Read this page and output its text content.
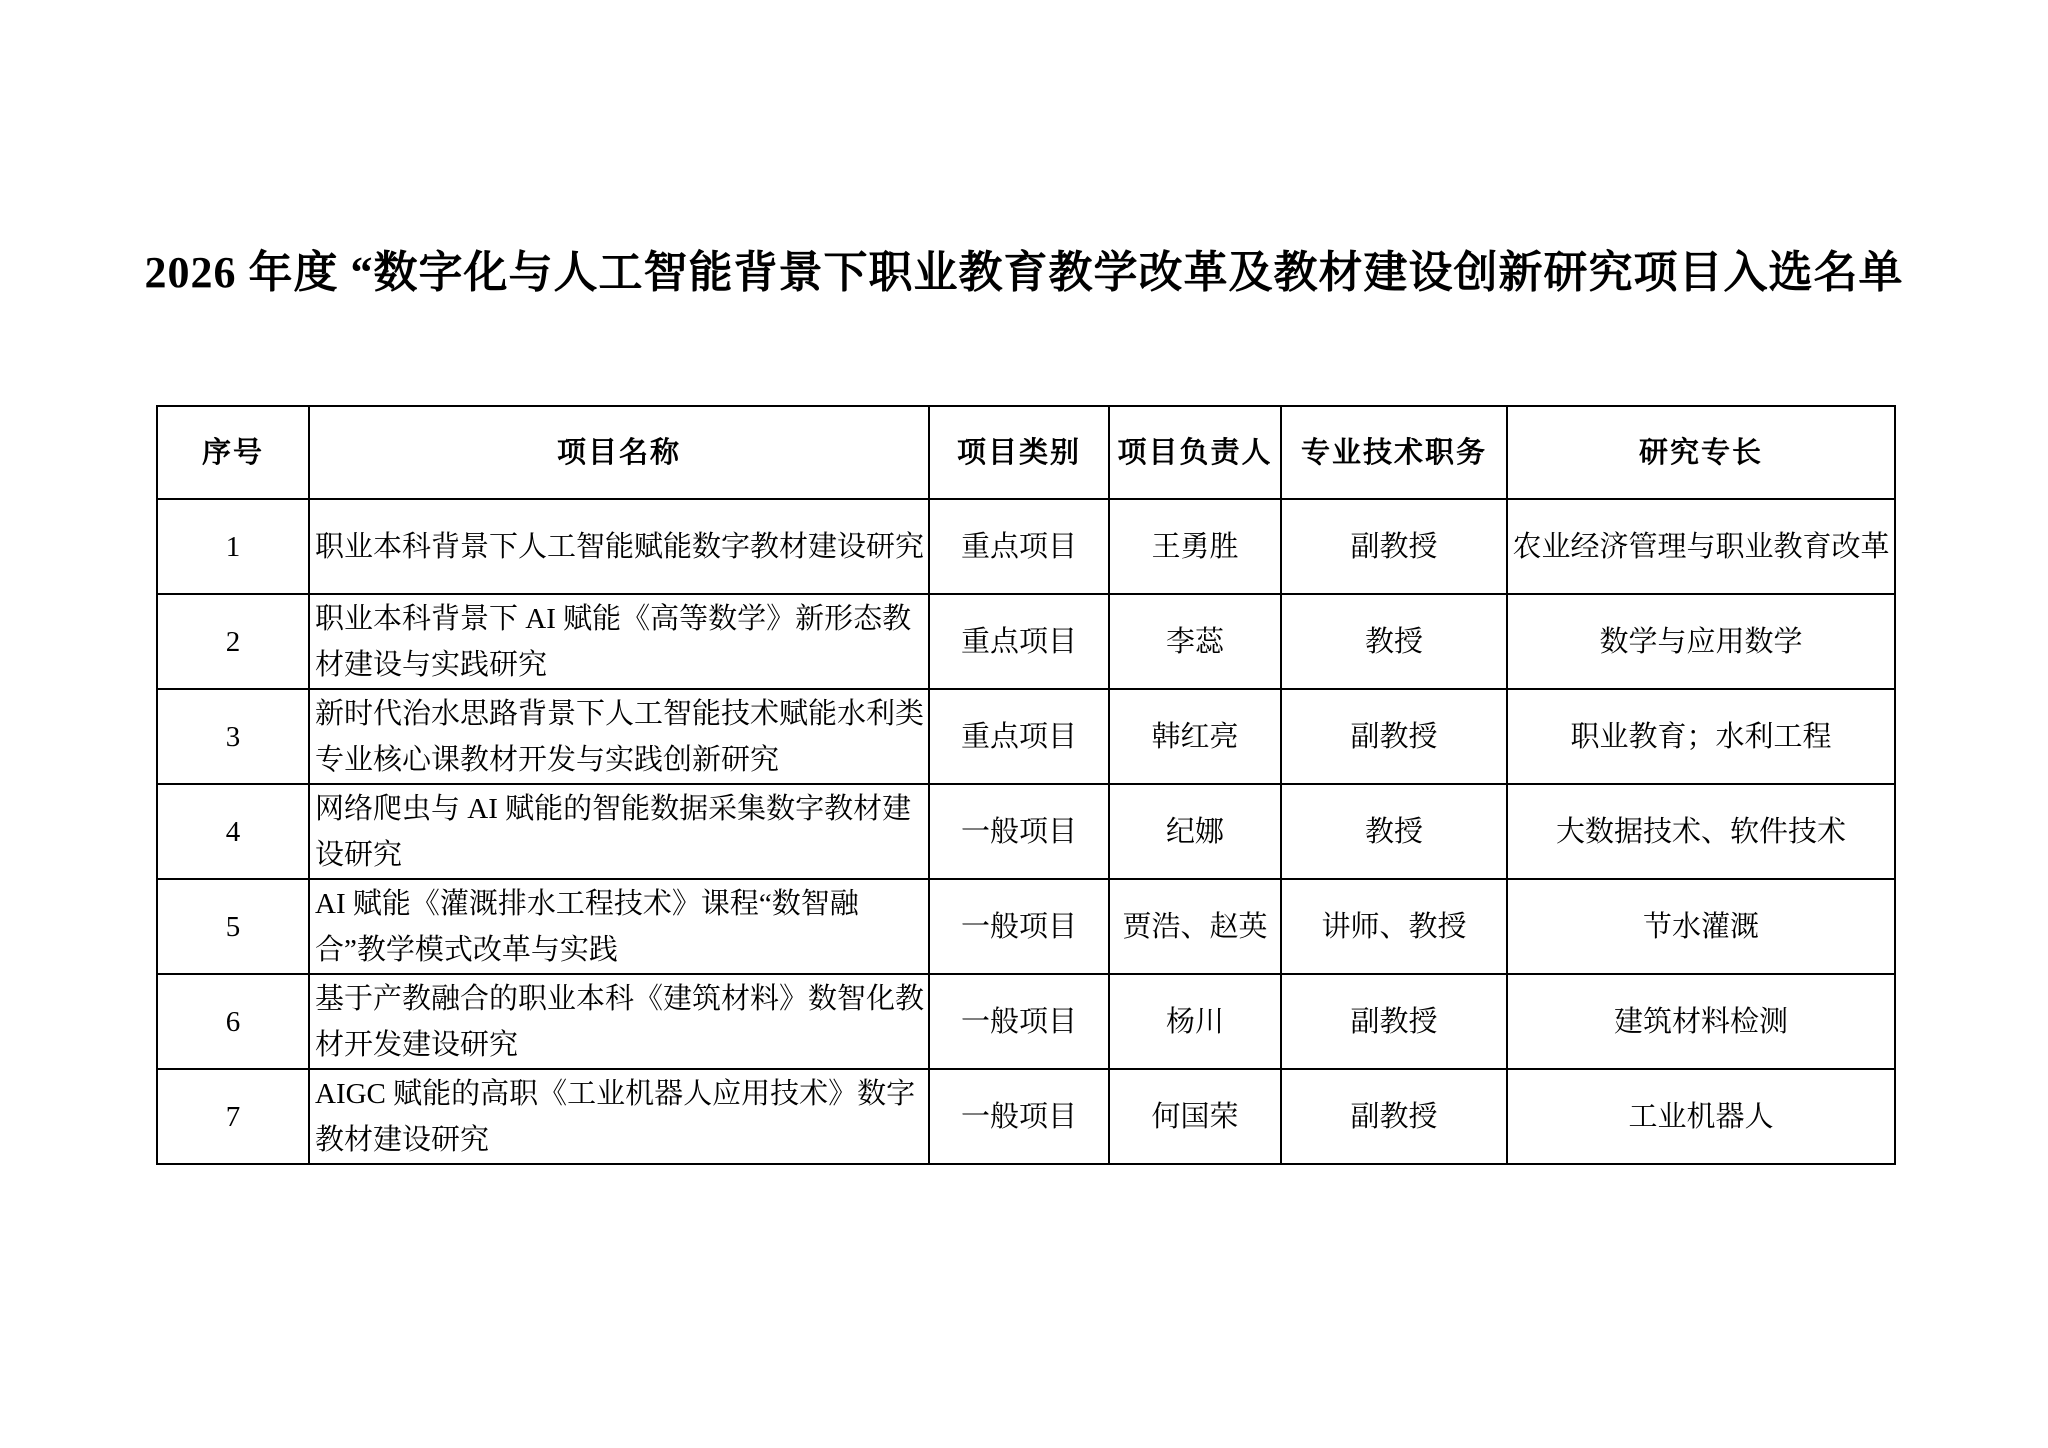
2026 年度 “数字化与人工智能背景下职业教育教学改革及教材建设创新研究项目入选名单
序号	项目名称	项目类别	项目负责人	专业技术职务	研究专长
1	职业本科背景下人工智能赋能数字教材建设研究	重点项目	王勇胜	副教授	农业经济管理与职业教育改革
2	职业本科背景下 AI 赋能《高等数学》新形态教材建设与实践研究	重点项目	李蕊	教授	数学与应用数学
3	新时代治水思路背景下人工智能技术赋能水利类专业核心课教材开发与实践创新研究	重点项目	韩红亮	副教授	职业教育；水利工程
4	网络爬虫与 AI 赋能的智能数据采集数字教材建设研究	一般项目	纪娜	教授	大数据技术、软件技术
5	AI 赋能《灌溉排水工程技术》课程“数智融合”教学模式改革与实践	一般项目	贾浩、赵英	讲师、教授	节水灌溉
6	基于产教融合的职业本科《建筑材料》数智化教材开发建设研究	一般项目	杨川	副教授	建筑材料检测
7	AIGC 赋能的高职《工业机器人应用技术》数字教材建设研究	一般项目	何国荣	副教授	工业机器人
